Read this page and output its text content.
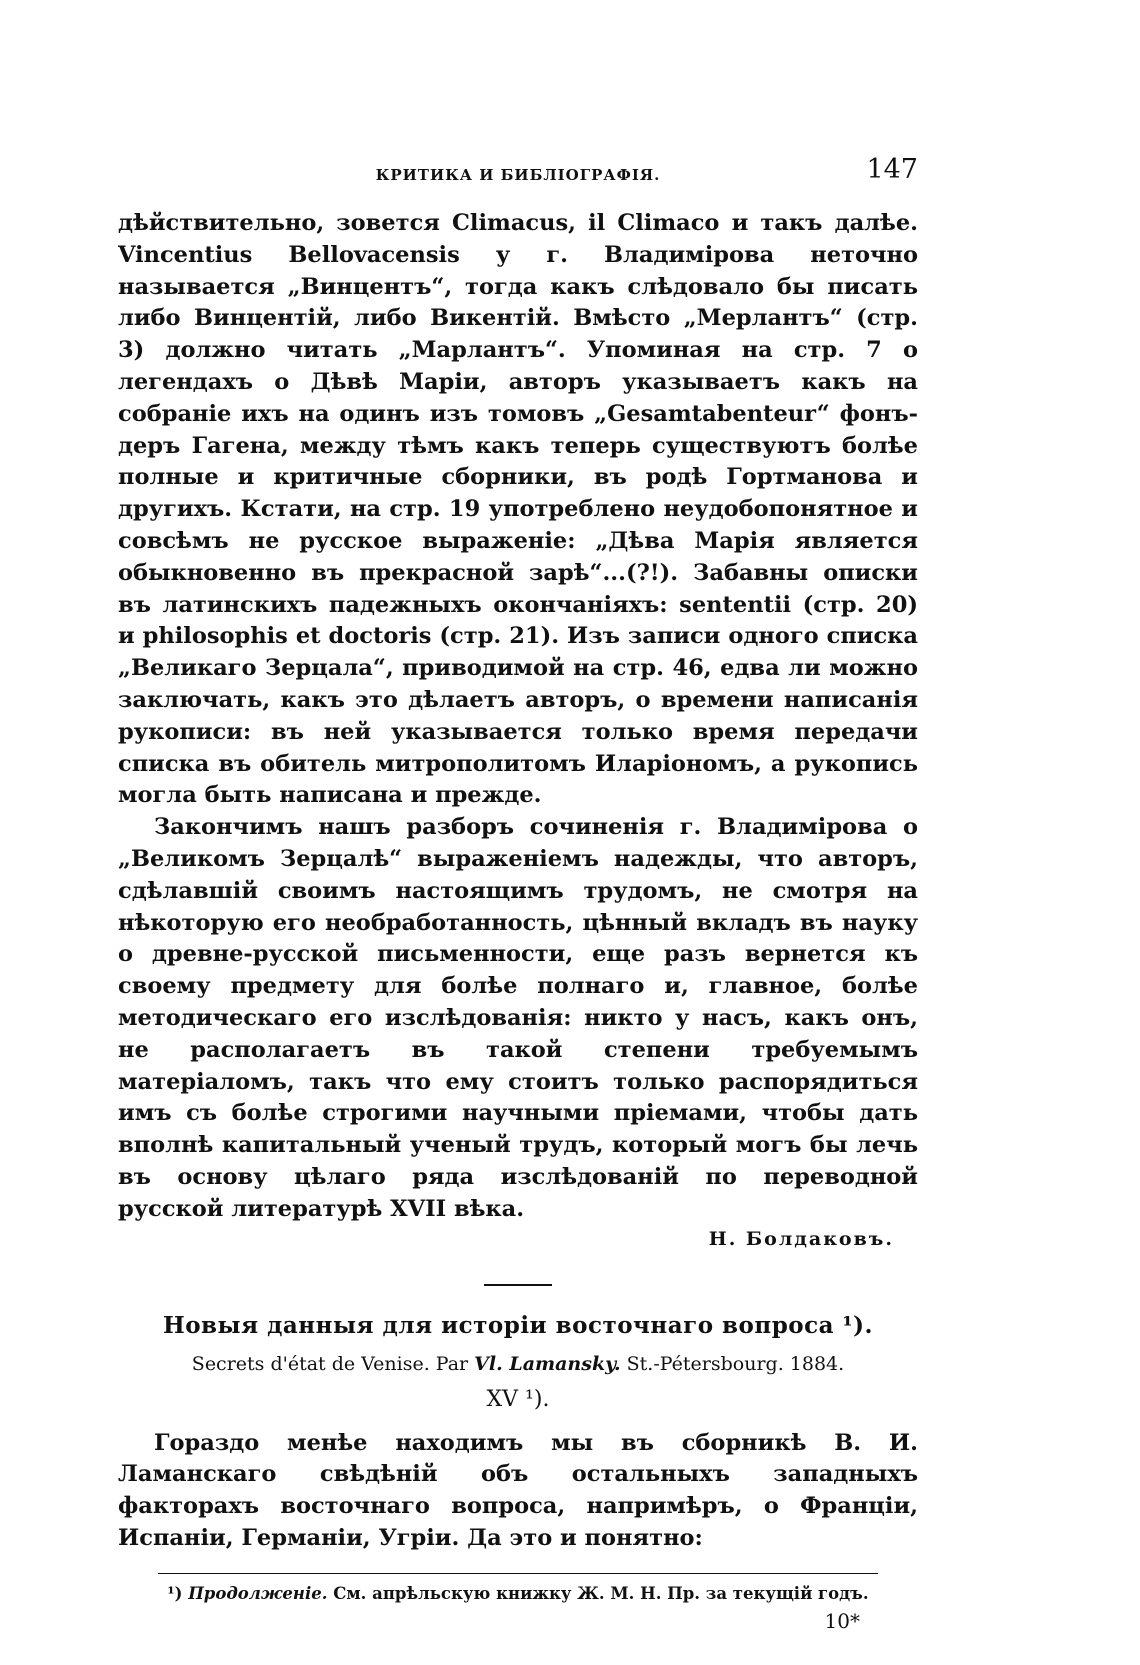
КРИТИКА И БИБЛІОГРАФІЯ.	147

дѣйствительно, зовется Climacus, il Climaco и такъ далѣе. Vincentius Bellovacensis у г. Владимірова неточно называется „Винцентъ“, тогда какъ слѣдовало бы писать либо Винцентій, либо Викентій. Вмѣсто „Мерлантъ“ (стр. 3) должно читать „Марлантъ“. Упоминая на стр. 7 о легендахъ о Дѣвѣ Маріи, авторъ указываетъ какъ на собраніе ихъ на одинъ изъ томовъ „Gesamtabenteur“ фонъ-деръ Гагена, между тѣмъ какъ теперь существуютъ болѣе полные и критичные сборники, въ родѣ Гортманова и другихъ. Кстати, на стр. 19 употреблено неудобопонятное и совсѣмъ не русское выраженіе: „Дѣва Марія является обыкновенно въ прекрасной зарѣ“...(?!). Забавны описки въ латинскихъ падежныхъ окончаніяхъ: sententii (стр. 20) и philosophis et doctoris (стр. 21). Изъ записи одного списка „Великаго Зерцала“, приводимой на стр. 46, едва ли можно заключать, какъ это дѣлаетъ авторъ, о времени написанія рукописи: въ ней указывается только время передачи списка въ обитель митрополитомъ Иларіономъ, а рукопись могла быть написана и прежде.

Закончимъ нашъ разборъ сочиненія г. Владимірова о „Великомъ Зерцалѣ“ выраженіемъ надежды, что авторъ, сдѣлавшій своимъ настоящимъ трудомъ, не смотря на нѣкоторую его необработанность, цѣнный вкладъ въ науку о древне-русской письменности, еще разъ вернется къ своему предмету для болѣе полнаго и, главное, болѣе методическаго его изслѣдованія: никто у насъ, какъ онъ, не располагаетъ въ такой степени требуемымъ матеріаломъ, такъ что ему стоитъ только распорядиться имъ съ болѣе строгими научными пріемами, чтобы дать вполнѣ капитальный ученый трудъ, который могъ бы лечь въ основу цѣлаго ряда изслѣдованій по переводной русской литературѣ XVII вѣка.

Н. Болдаковъ.
Новыя данныя для исторіи восточнаго вопроса ¹).
Secrets d'état de Venise. Par Vl. Lamansky. St.-Pétersbourg. 1884.
XV ¹).

Гораздо менѣе находимъ мы въ сборникѣ В. И. Ламанскаго свѣдѣній объ остальныхъ западныхъ факторахъ восточнаго вопроса, напримѣръ, о Франціи, Испаніи, Германіи, Угріи. Да это и понятно:

¹) Продолженіе. См. апрѣльскую книжку Ж. М. Н. Пр. за текущій годъ.
10*
